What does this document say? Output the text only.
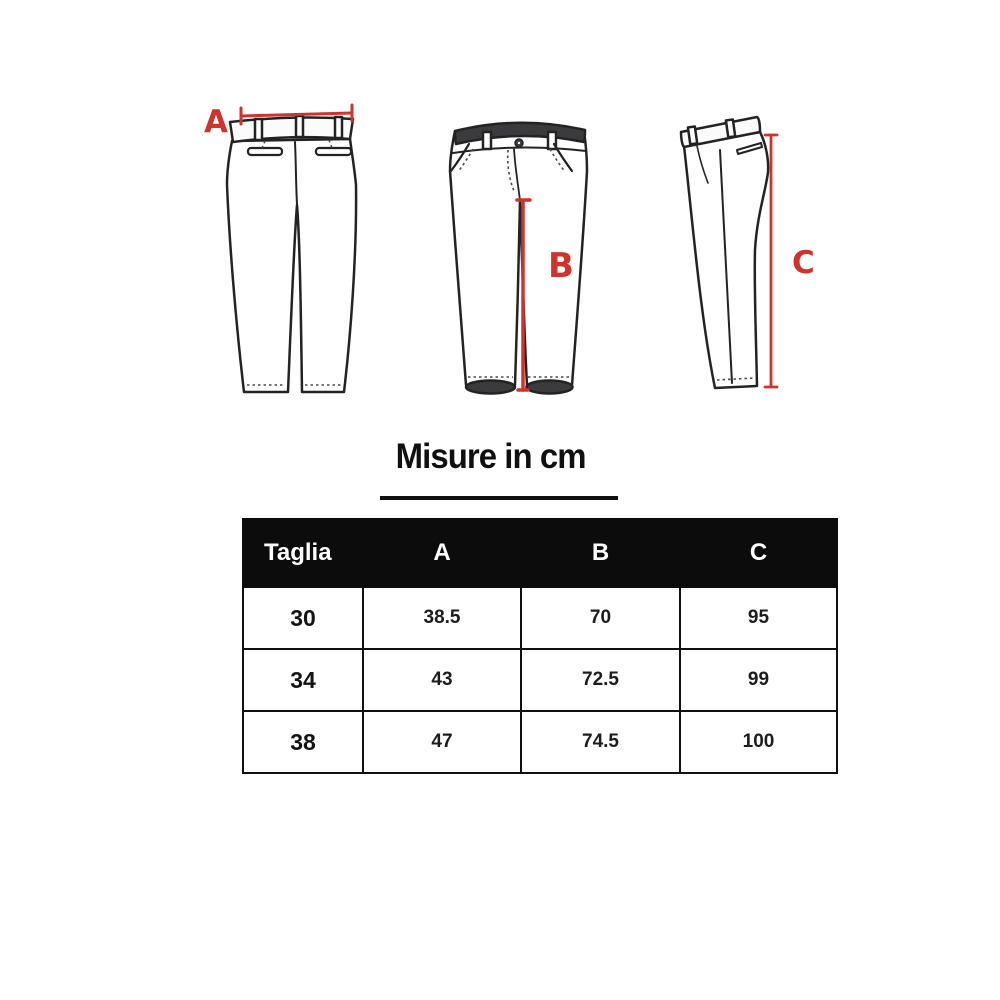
A
B	C
Misure in cm
Taglia	A	B	C
30	38.5	70	95
34	43	72.5	99
38	47	74.5	100
